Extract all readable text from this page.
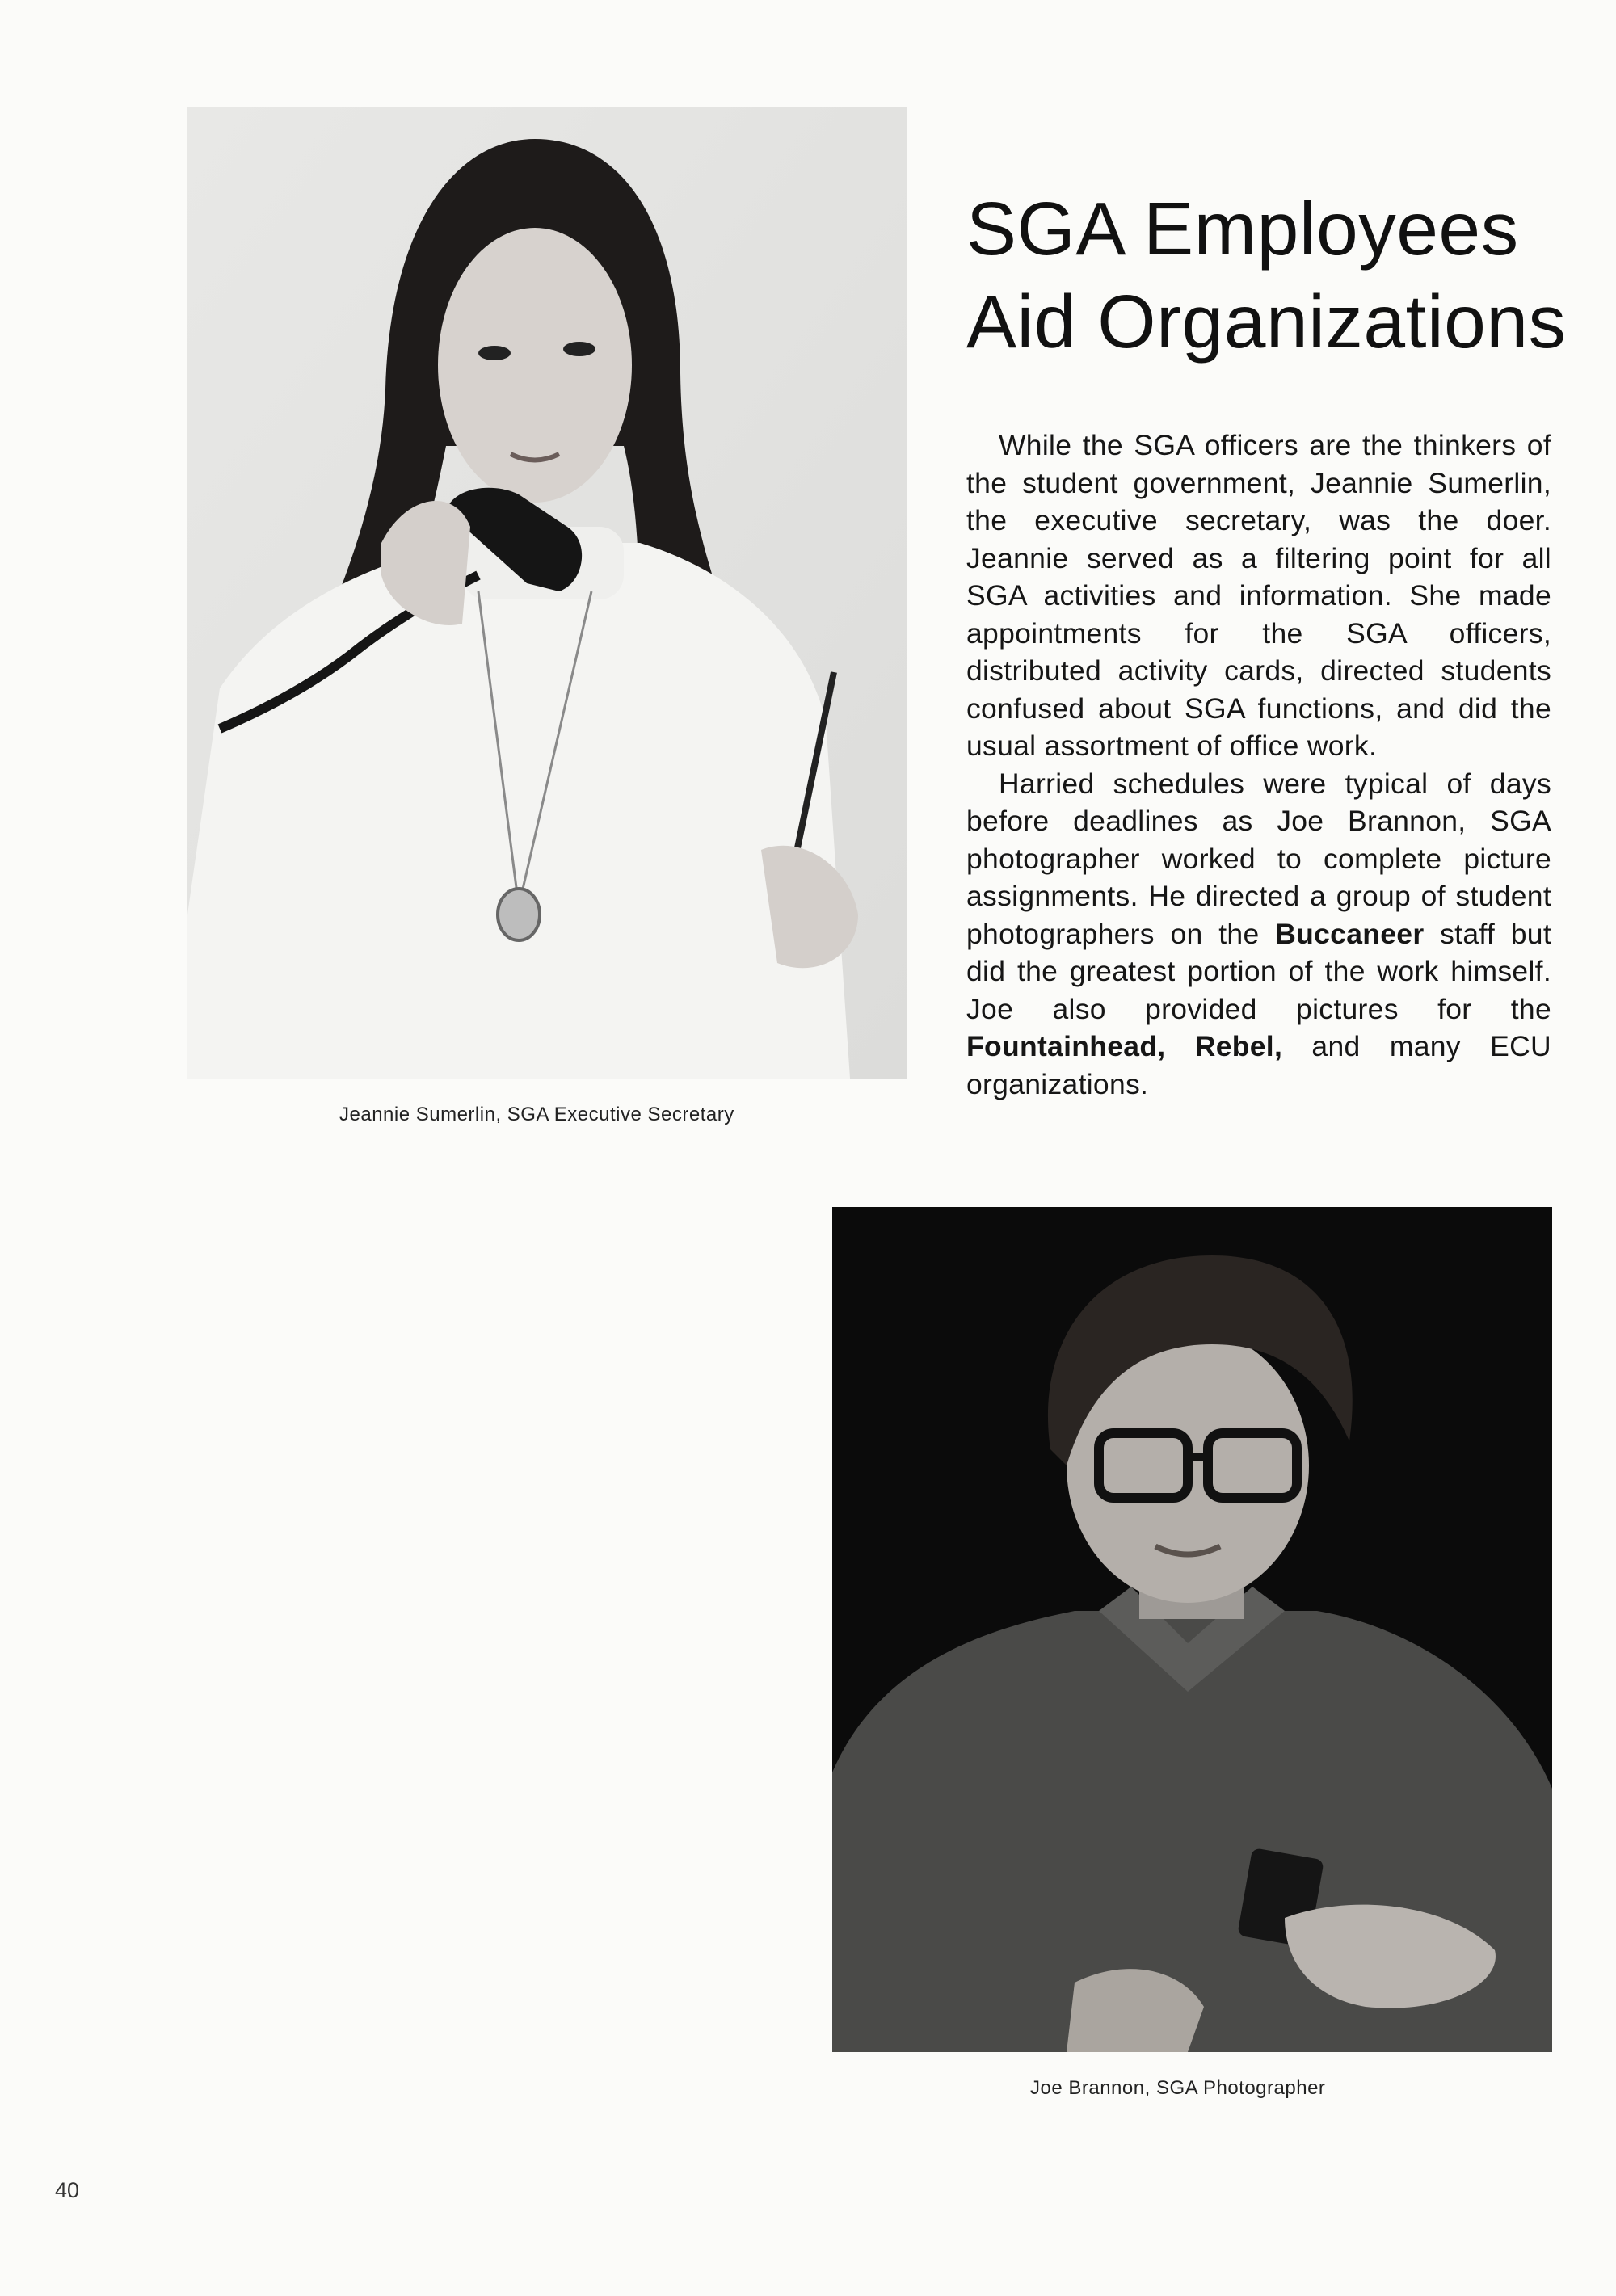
Jeannie Sumerlin, SGA Executive Secretary
SGA Employees
Aid Organizations

While the SGA officers are the thinkers of the student government, Jeannie Sumerlin, the executive secretary, was the doer. Jeannie served as a filtering point for all SGA activities and information. She made appointments for the SGA officers, distributed activity cards, directed students confused about SGA functions, and did the usual assortment of office work.

Harried schedules were typical of days before deadlines as Joe Brannon, SGA photographer worked to complete picture assignments. He directed a group of student photographers on the Buccaneer staff but did the greatest portion of the work himself. Joe also provided pictures for the Fountainhead, Rebel, and many ECU organizations.

Joe Brannon, SGA Photographer
40
